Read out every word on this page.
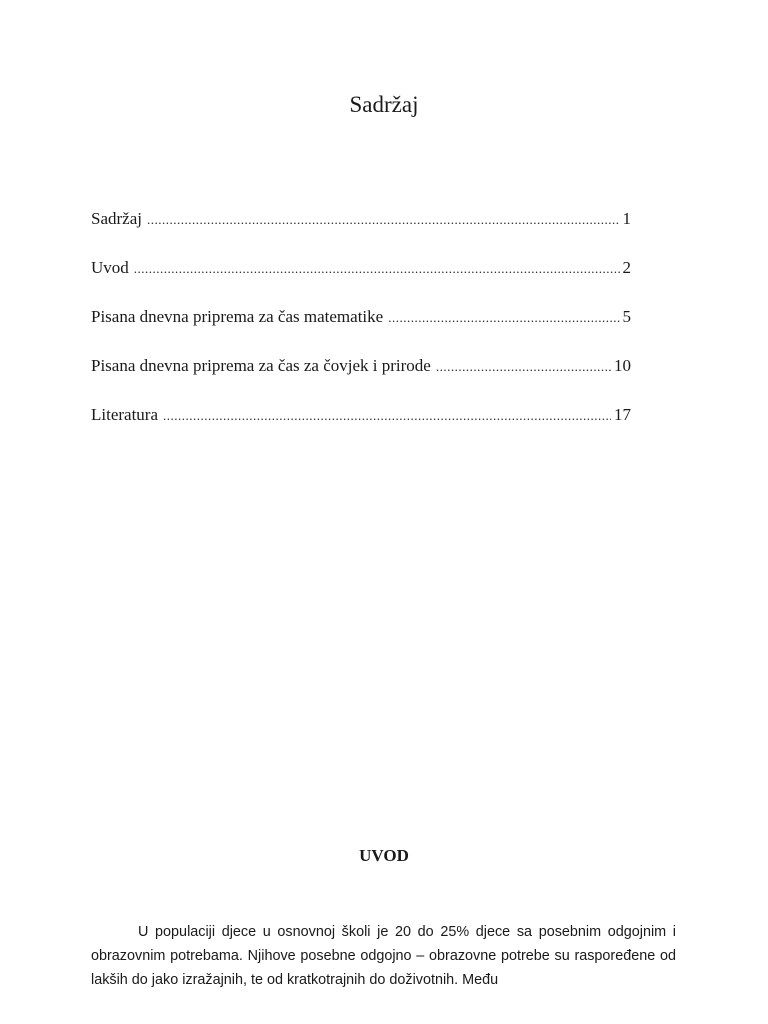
Sadržaj
Sadržaj .....	1
Uvod .....	2
Pisana dnevna priprema za čas matematike .....	5
Pisana dnevna priprema za čas za čovjek i prirode .....	10
Literatura .....	17
UVOD

U populaciji djece u osnovnoj školi je 20 do 25% djece sa posebnim odgojnim i obrazovnim potrebama. Njihove posebne odgojno – obrazovne potrebe su raspoređene od lakših do jako izražajnih, te od kratkotrajnih do doživotnih. Među
